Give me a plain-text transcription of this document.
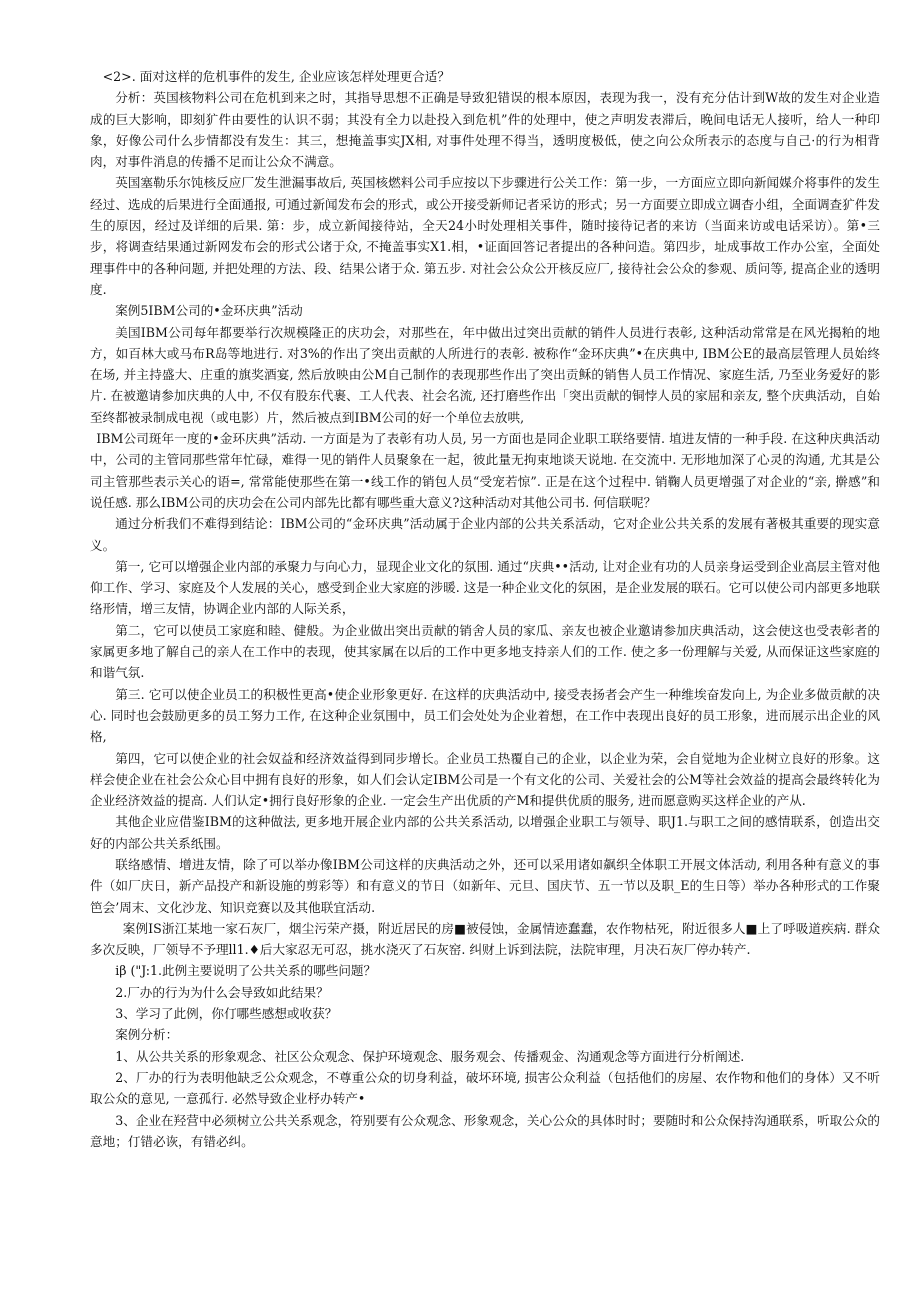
<2>. 面对这样的危机事件的发生, 企业应该怎样处理更合适？

分析：英国核物料公司在危机到来之时，其指导思想不正确是导致犯错误的根本原因，表现为我一，没有充分估计到W故的发生对企业造成的巨大影响，即刻犷件由要性的认识不弱；其没有全力以赴投入到危机”件的处理中，使之声明发表滞后，晚间电话无人接听，给人一种印象，好像公司什么步情都没有发生：其三，想掩盖事实JX相, 对事件处理不得当，透明度极低，使之向公众所表示的态度与自己·的行为相背肉，对事件消息的传播不足而让公众不满意。

英国塞勒乐尔饨核反应厂发生泄漏事故后, 英国核燃料公司手应按以下步骤进行公关工作：第一步，一方面应立即向新闻媒介将事件的发生经过、选成的后果进行全面通报, 可通过新闻发布会的形式，或公开接受新师记者采访的形式；另一方面要立即成立调杳小组，全面调查犷件发生的原因，经过及详细的后果. 第：步，成立新闻接待站，全天24小时处理相关事件，随时接待记者的来访（当面来访或电话采访）。第•三步，将调查结果通过新网发布会的形式公诸于众, 不掩盖事实X1.相，•证面回答记者提出的各种问造。第四步，址成事故工作办公室，全面处理事件中的各种问题, 并把处理的方法、段、结果公诸于众. 第五步. 对社会公众公开核反应厂, 接待社会公众的参观、质问等, 提高企业的透明度.

案例5IBM公司的•金环庆典”活动

美国IBM公司每年都要举行次规模隆正的庆功会，对那些在，年中做出过突出贡献的销件人员进行表彰, 这种活动常常是在风光揭粕的地方，如百林大或马布R岛等地进行. 对3%的作出了突出贡献的人所进行的表彰. 被称作“金环庆典”•在庆典中, IBM公E的最高层管理人员始终在场, 并主持盛大、庄重的旗奖酒宴, 然后放映由公M自己制作的表现那些作出了突出贡稣的销售人员工作情况、家庭生活, 乃至业务爱好的影片. 在被邀请参加庆典的人中, 不仅有股东代裹、工人代表、社会名流, 还打磨些作出「突出贡献的铜悖人员的家屈和亲友, 整个庆典活动，自始至终都被录制成电视（或电影）片，然后被点到IBM公司的好一个单位去放哄,

IBM公司斑年一度的•金环庆典”活动. 一方面是为了表彰有功人员, 另一方面也是同企业职工联络要情. 埴进友情的一种手段. 在这种庆典活动中，公司的主管同那些常年忙碌，难得一见的销件人员聚象在一起，彼此量无拘束地谈天说地. 在交流中. 无形地加深了心灵的沟通, 尤其是公司主管那些表示关心的语=, 常常能使那些在第一•线工作的销包人员“受宠若惊”. 正是在这个过程中. 销鞠人员更增强了对企业的“亲, 擀感”和说任感. 那么IBM公司的庆功会在公司内部先比都有哪些重大意义?这种活动对其他公司书. 何信联呢？

通过分析我们不难得到结论：IBM公司的“金环庆典”活动属于企业内部的公共关系活动，它对企业公共关系的发展有著极其重要的现实意义。

第一, 它可以增强企业内部的承聚力与向心力，显现企业文化的氛围. 通过“庆典••活动, 让对企业有功的人员亲身运受到企业高层主管对他仰工作、学习、家庭及个人发展的关心，感受到企业大家庭的涉暖. 这是一种企业文化的氛困，是企业发展的联石。它可以使公司内部更多地联络形情，增三友情，协调企业内部的人际关系，

第二，它可以使员工家庭和睦、健般。为企业做出突出贡献的销舍人员的家瓜、亲友也被企业邀请参加庆典活动，这会使这也受表彰者的家属更多地了解自己的亲人在工作中的表现，使其家属在以后的工作中更多地支持亲人们的工作. 使之多一份理解与关爱, 从而保证这些家庭的和谐气氛.

第三. 它可以使企业员工的积极性更高•使企业形象更好. 在这样的庆典活动中, 接受表扬者会产生一种维埃奋发向上, 为企业多做贡献的决心. 同时也会鼓励更多的员工努力工作, 在这种企业氛围中，员工们会处处为企业着想，在工作中表现出良好的员工形象，进而展示出企业的风格,

第四，它可以使企业的社会奴益和经济效益得到同步增长。企业员工热覆自己的企业，以企业为荣，会自觉地为企业树立良好的形象。这样会使企业在社会公众心目中拥有良好的形象，如人们会认定IBM公司是一个有文化的公司、关爱社会的公M等社会效益的提高会最终转化为企业经济效益的提高. 人们认定•拥行良好形象的企业. 一定会生产出优质的产M和提供优质的服务, 进而愿意购买这样企业的产从.

其他企业应借鉴IBM的这种做法, 更多地开展企业内部的公共关系活动, 以增强企业职工与领导、职J1.与职工之间的感情联系，创造出交好的内部公共关系纸围。

联络感情、增进友情，除了可以举办像IBM公司这样的庆典活动之外，还可以采用诸如飙织全体职工开展文体活动, 利用各种有意义的事件（如厂庆日，新产品投产和新设施的剪彩等）和有意义的节日（如新年、元旦、国庆节、五一节以及职_E的生日等）举办各种形式的工作聚笆会’周末、文化沙龙、知识竞赛以及其他联宜活动.

案例IS浙江某地一家石灰厂，烟尘污荣产摄，附近居民的房■被侵蚀，金属情迹蠢蠢，农作物枯死，附近很多人■上了呼吸道疾病. 群众多次反映，厂领导不予理ll1.♦后大家忍无可忍，挑水浇灭了石灰窑. 纠财上诉到法院，法院审理，月决石灰厂停办转产.

iβ ("J:1.此例主要说明了公共关系的哪些问题？

2.厂办的行为为什么会导致如此结果？

3、学习了此例，你仃哪些感想或收获？

案例分析：

1、从公共关系的形象观念、社区公众观念、保护环境观念、服务观会、传播观金、沟通观念等方面进行分析阐述.

2、厂办的行为表明他缺乏公众观念，不尊重公众的切身利益，破坏环境, 损害公众利益（包括他们的房屋、农作物和他们的身体）又不听取公众的意见, 一意孤行. 必然导致企业杼办转产•

3、企业在羟营中必须树立公共关系观念，符别要有公众观念、形象观念，关心公众的具体时时；要随时和公众保持沟通联系，听取公众的意地；仃错必诙，有错必纠。
